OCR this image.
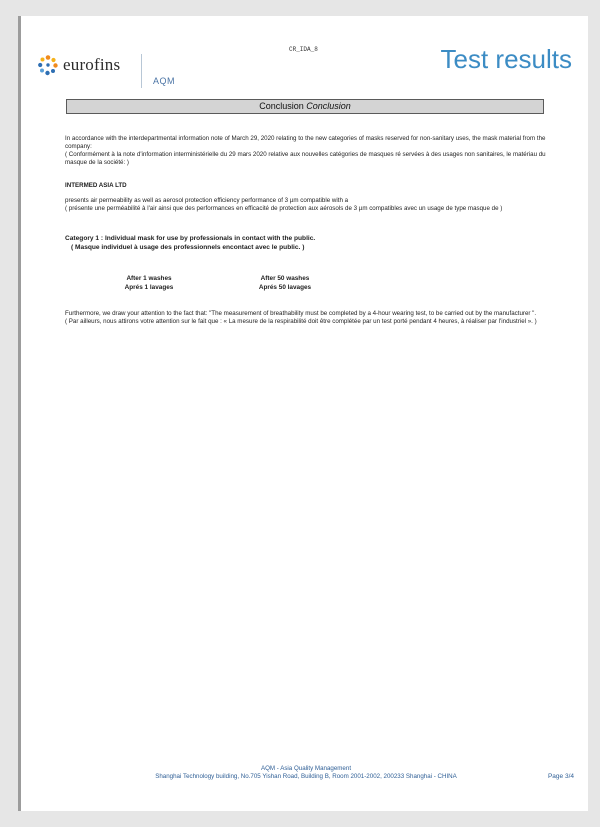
eurofins
AQM
CR_IDA_8	Test results
Conclusion Conclusion

In accordance with the interdepartmental information note of March 29, 2020 relating to the new categories of masks reserved for non-sanitary uses, the mask material from the company:

( Conformément à la note d'information interministérielle du 29 mars 2020 relative aux nouvelles catégories de masques ré servées à des usages non sanitaires, le matériau du masque de la société: )

INTERMED ASIA LTD

presents air permeability as well as aerosol protection efficiency performance of 3 µm compatible with a

( présente une perméabilité à l'air ainsi que des performances en efficacité de protection aux aérosols de 3 µm compatibles avec un usage de type masque de )

Category 1 : Individual mask for use by professionals in contact with the public.

( Masque individuel à usage des professionnels encontact avec le public. )

After 1 washes
Aprés 1 lavages
After 50 washes
Aprés 50 lavages

Furthermore, we draw your attention to the fact that: "The measurement of breathability must be completed by a 4-hour wearing test, to be carried out by the manufacturer ".

( Par ailleurs, nous attirons votre attention sur le fait que : « La mesure de la respirabilité doit être complétée par un test porté pendant 4 heures, à réaliser par l'industriel ». )

AQM - Asia Quality Management
Shanghai Technology building, No.705 Yishan Road, Building B, Room 2001-2002, 200233 Shanghai - CHINA	Page 3/4
